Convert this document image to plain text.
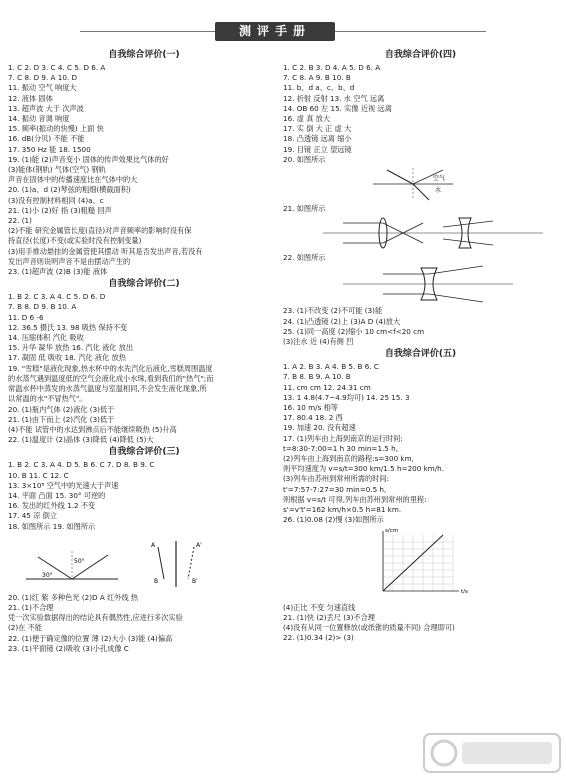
测评手册
自我综合评价(一)
1. C 2. D 3. C 4. C 5. D 6. A
7. C 8. D 9. A 10. D
11. 振动 空气 响度大
12. 液体 固体
13. 超声波 大于 次声波
14. 振动 音调 响度
15. 频率(振动的快慢) 上面 快
16. dB(分贝) 不能 不能
17. 350 Hz 能 18. 1500
19. (1)能 (2)声音变小 固体的传声效果比气体的好
(3)能体(钢轨) 气体(空气) 钢轨
声音在固体中的传播速度比在气体中的大
20. (1)a、d (2)琴弦的粗细(横截面积)
(3)没有控制材料相同 (4)a、c
21. (1)小 (2)好 指 (3)粗糙 回声
22. (1)
(2)不能 研究金属管长度(直径)对声音频率的影响时没有保
持直径(长度)不变(或实验时没有控制变量)
(3)用手推动悬挂的金属管使其摆动 听其是否发出声音,若没有
发出声音则说明声音不是由摆动产生的
23. (1)超声波 (2)B (3)能 液体
自我综合评价(二)
1. B 2. C 3. A 4. C 5. D 6. D
7. B 8. D 9. B 10. A
11. D 6 -6
12. 36.5 摄氏 13. 98 吸热 保持不变
14. 压缩体积 汽化 吸收
15. 升华 凝华 放热 16. 汽化 液化 放出
17. 凝固 低 吸收 18. 汽化 液化 放热
19. "雪糕"是液化现象,热水杯中的水先汽化后液化,雪糕周围温度
的水蒸气遇到温度低的空气会液化成小水珠,看到我们的"热气";而
常温水杯中蒸发的水蒸气温度与室温相同,不会发生液化现象,所
以常温的水"不冒热气"。
20. (1)瓶内气体 (2)液化 (3)低于
21. (1)由下而上 (2)汽化 (3)低于
(4)不能 试管中的水达到沸点后不能继续吸热 (5)升高
22. (1)温度计 (2)晶体 (3)降低 (4)降低 (5)大
自我综合评价(三)
1. B 2. C 3. A 4. D 5. B 6. C 7. D 8. B 9. C
10. B 11. C 12. C
13. 3×10⁸ 空气中的光速大于声速
14. 平面 凸面 15. 30° 可逆的
16. 发出的红外线 1.2 不变
17. 45 凉 倒立
18. 如图所示 19. 如图所示
50°
30°
A
B
A'
B'
20. (1)红 紫 多种色光 (2)D A 红外线 热
21. (1)不合理
凭一次实验数据得出的结论具有偶然性,应进行多次实验
(2)在 不能
22. (1)便于确定像的位置 薄 (2)大小 (3)能 (4)偏高
23. (1)平面镜 (2)吸收 (3)小孔成像 C
自我综合评价(四)
1. C 2. B 3. D 4. A 5. D 6. A
7. C 8. A 9. B 10. B
11. b、d a、c、b、d
12. 折射 反射 13. 水 空气 远离
14. OB 60 左 15. 实像 近视 远离
16. 虚 真 放大
17. 实 倒 大 正 虚 大
18. 凸透镜 远离 缩小
19. 目镜 正立 望远镜
20. 如图所示
空气
水
21. 如图所示
22. 如图所示
23. (1)不改变 (2)不可能 (3)能
24. (1)凸透镜 (2)上 (3)A D (4)放大
25. (1)同一高度 (2)缩小 10 cm<f<20 cm
(3)注水 近 (4)有侧 凹
自我综合评价(五)
1. A 2. B 3. A 4. B 5. B 6. C
7. B 8. B 9. A 10. B
11. cm cm 12. 24.31 cm
13. 1 4.8(4.7~4.9均可) 14. 25 15. 3
16. 10 m/s 相等
17. 80.4 18. 2 西
19. 加速 20. 没有超速
17. (1)列车由上海到南京的运行时间:
t=8:30-7:00=1 h 30 min=1.5 h,
(2)列车由上海到南京的路程:s=300 km,
则平均速度为 v=s/t=300 km/1.5 h=200 km/h.
(3)列车由苏州到常州所需的时间:
t'=7:57-7:27=30 min=0.5 h,
则根据 v=s/t 可得,列车由苏州到常州的里程:
s'=v't'=162 km/h×0.5 h=81 km.
26. (1)0.08 (2)慢 (3)如图所示
t/s
s/cm
(4)正比 不变 匀速直线
21. (1)快 (2)丢尺 (3)不合理
(4)没有从同一位置释放(或纸锥的质量不同) 合理即可)
22. (1)0.34 (2)> (3)
